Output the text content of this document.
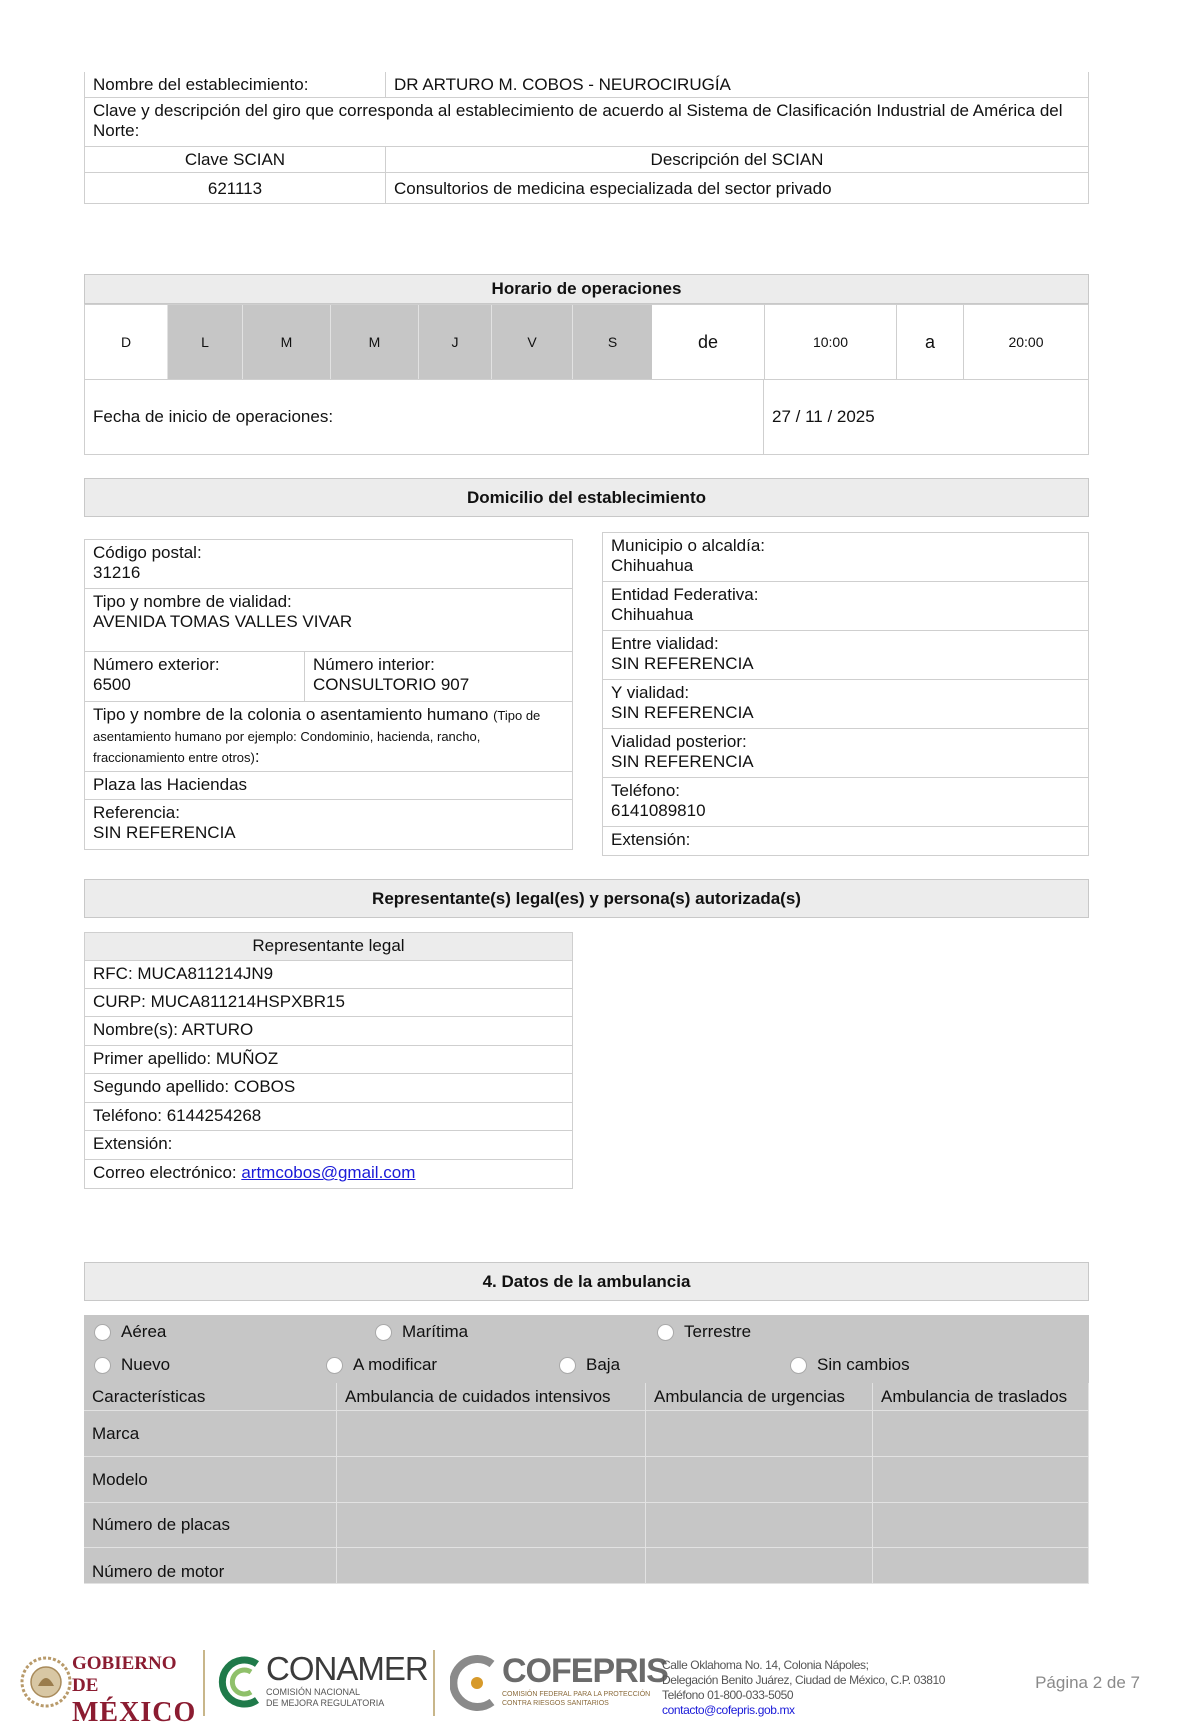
Nombre del establecimiento:	DR ARTURO M. COBOS - NEUROCIRUGÍA
Clave y descripción del giro que corresponda al establecimiento de acuerdo al Sistema de Clasificación Industrial de América del Norte:
Clave SCIAN	Descripción del SCIAN
621113	Consultorios de medicina especializada del sector privado
Horario de operaciones
D	L	M	M	J	V	S	de	10:00	a	20:00
Fecha de inicio de operaciones:	27 / 11 / 2025
Domicilio del establecimiento
Código postal:
31216
Tipo y nombre de vialidad:
AVENIDA TOMAS VALLES VIVAR
Número exterior:
6500
Número interior:
CONSULTORIO 907
Tipo y nombre de la colonia o asentamiento humano (Tipo de asentamiento humano por ejemplo: Condominio, hacienda, rancho, fraccionamiento entre otros):
Plaza las Haciendas
Referencia:
SIN REFERENCIA
Municipio o alcaldía:
Chihuahua
Entidad Federativa:
Chihuahua
Entre vialidad:
SIN REFERENCIA
Y vialidad:
SIN REFERENCIA
Vialidad posterior:
SIN REFERENCIA
Teléfono:
6141089810
Extensión:
Representante(s) legal(es) y persona(s) autorizada(s)
Representante legal
RFC: MUCA811214JN9
CURP: MUCA811214HSPXBR15
Nombre(s): ARTURO
Primer apellido: MUÑOZ
Segundo apellido: COBOS
Teléfono: 6144254268
Extensión:
Correo electrónico: artmcobos@gmail.com
4. Datos de la ambulancia
Aérea	Marítima	Terrestre
Nuevo	A modificar	Baja	Sin cambios
Características	Ambulancia de cuidados intensivos	Ambulancia de urgencias	Ambulancia de traslados
Marca
Modelo
Número de placas
Número de motor
GOBIERNO DE
MÉXICO
CONAMER
COMISIÓN NACIONAL
DE MEJORA REGULATORIA
COFEPRIS
COMISIÓN FEDERAL PARA LA PROTECCIÓN
CONTRA RIESGOS SANITARIOS
Calle Oklahoma No. 14, Colonia Nápoles;
Delegación Benito Juárez, Ciudad de México, C.P. 03810
Teléfono 01-800-033-5050
contacto@cofepris.gob.mx
Página 2 de 7
